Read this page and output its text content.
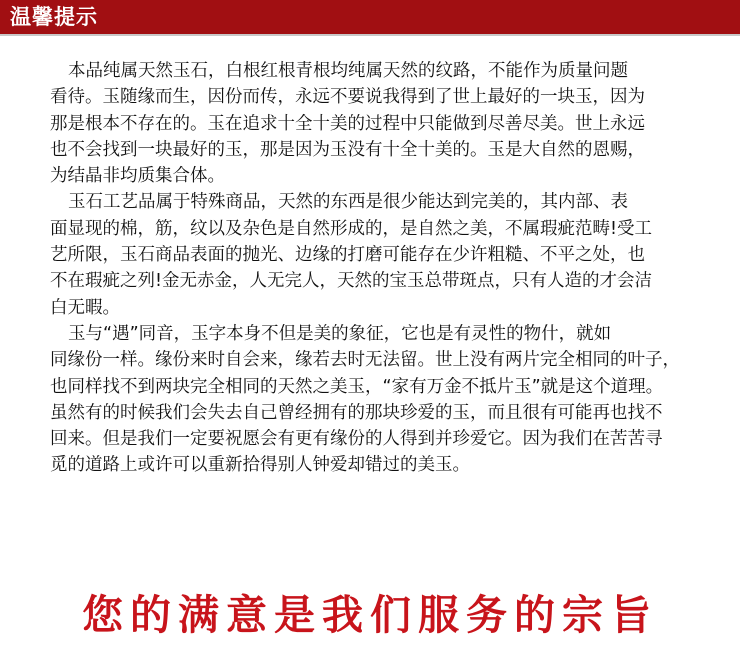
温馨提示

本品纯属天然玉石，白根红根青根均纯属天然的纹路，不能作为质量问题
看待。玉随缘而生，因份而传，永远不要说我得到了世上最好的一块玉，因为
那是根本不存在的。玉在追求十全十美的过程中只能做到尽善尽美。世上永远
也不会找到一块最好的玉，那是因为玉没有十全十美的。玉是大自然的恩赐，
为结晶非均质集合体。

玉石工艺品属于特殊商品，天然的东西是很少能达到完美的，其内部、表
面显现的棉，筋，纹以及杂色是自然形成的，是自然之美，不属瑕疵范畴!受工
艺所限，玉石商品表面的抛光、边缘的打磨可能存在少许粗糙、不平之处，也
不在瑕疵之列!金无赤金，人无完人，天然的宝玉总带斑点，只有人造的才会洁
白无暇。

玉与“遇”同音，玉字本身不但是美的象征，它也是有灵性的物什，就如
同缘份一样。缘份来时自会来，缘若去时无法留。世上没有两片完全相同的叶子，
也同样找不到两块完全相同的天然之美玉，“家有万金不抵片玉”就是这个道理。
虽然有的时候我们会失去自己曾经拥有的那块珍爱的玉，而且很有可能再也找不
回来。但是我们一定要祝愿会有更有缘份的人得到并珍爱它。因为我们在苦苦寻
觅的道路上或许可以重新拾得别人钟爱却错过的美玉。

您的满意是我们服务的宗旨
